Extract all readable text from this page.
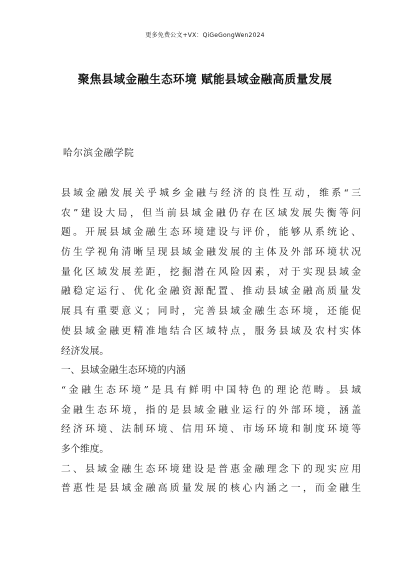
更多免费公文+VX：QiGeGongWen2024
聚焦县域金融生态环境 赋能县域金融高质量发展
哈尔滨金融学院
县域金融发展关乎城乡金融与经济的良性互动，维系“三
农”建设大局，但当前县域金融仍存在区域发展失衡等问
题。开展县域金融生态环境建设与评价，能够从系统论、
仿生学视角清晰呈现县域金融发展的主体及外部环境状况
量化区域发展差距，挖掘潜在风险因素，对于实现县域金
融稳定运行、优化金融资源配置、推动县域金融高质量发
展具有重要意义；同时，完善县域金融生态环境，还能促
使县域金融更精准地结合区域特点，服务县域及农村实体
经济发展。
一、县域金融生态环境的内涵
“金融生态环境”是具有鲜明中国特色的理论范畴。县域
金融生态环境，指的是县域金融业运行的外部环境，涵盖
经济环境、法制环境、信用环境、市场环境和制度环境等
多个维度。
二、县域金融生态环境建设是普惠金融理念下的现实应用
普惠性是县域金融高质量发展的核心内涵之一，而金融生
